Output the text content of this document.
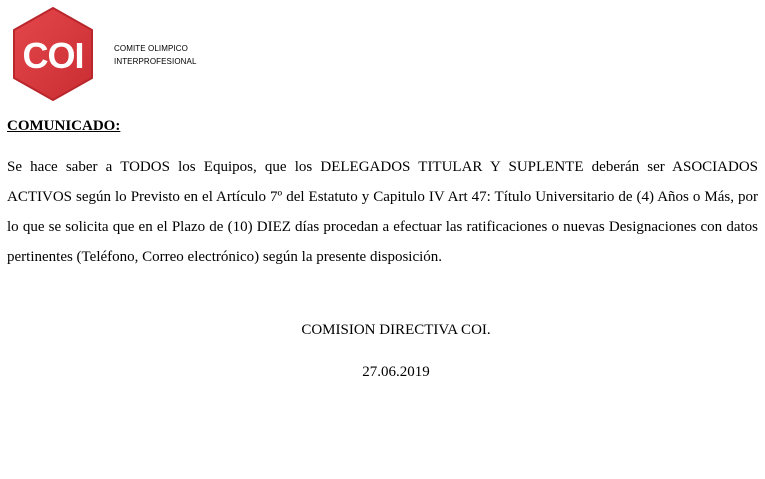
COI	COMITE OLIMPICO
INTERPROFESIONAL
COMUNICADO:

Se hace saber a TODOS los Equipos, que los DELEGADOS TITULAR Y SUPLENTE deberán ser ASOCIADOS ACTIVOS según lo Previsto en el Artículo 7º del Estatuto y Capitulo IV Art 47: Título Universitario de (4) Años o Más, por lo que se solicita que en el Plazo de (10) DIEZ días procedan a efectuar las ratificaciones o nuevas Designaciones con datos pertinentes (Teléfono, Correo electrónico) según la presente disposición.

COMISION DIRECTIVA COI.
27.06.2019
